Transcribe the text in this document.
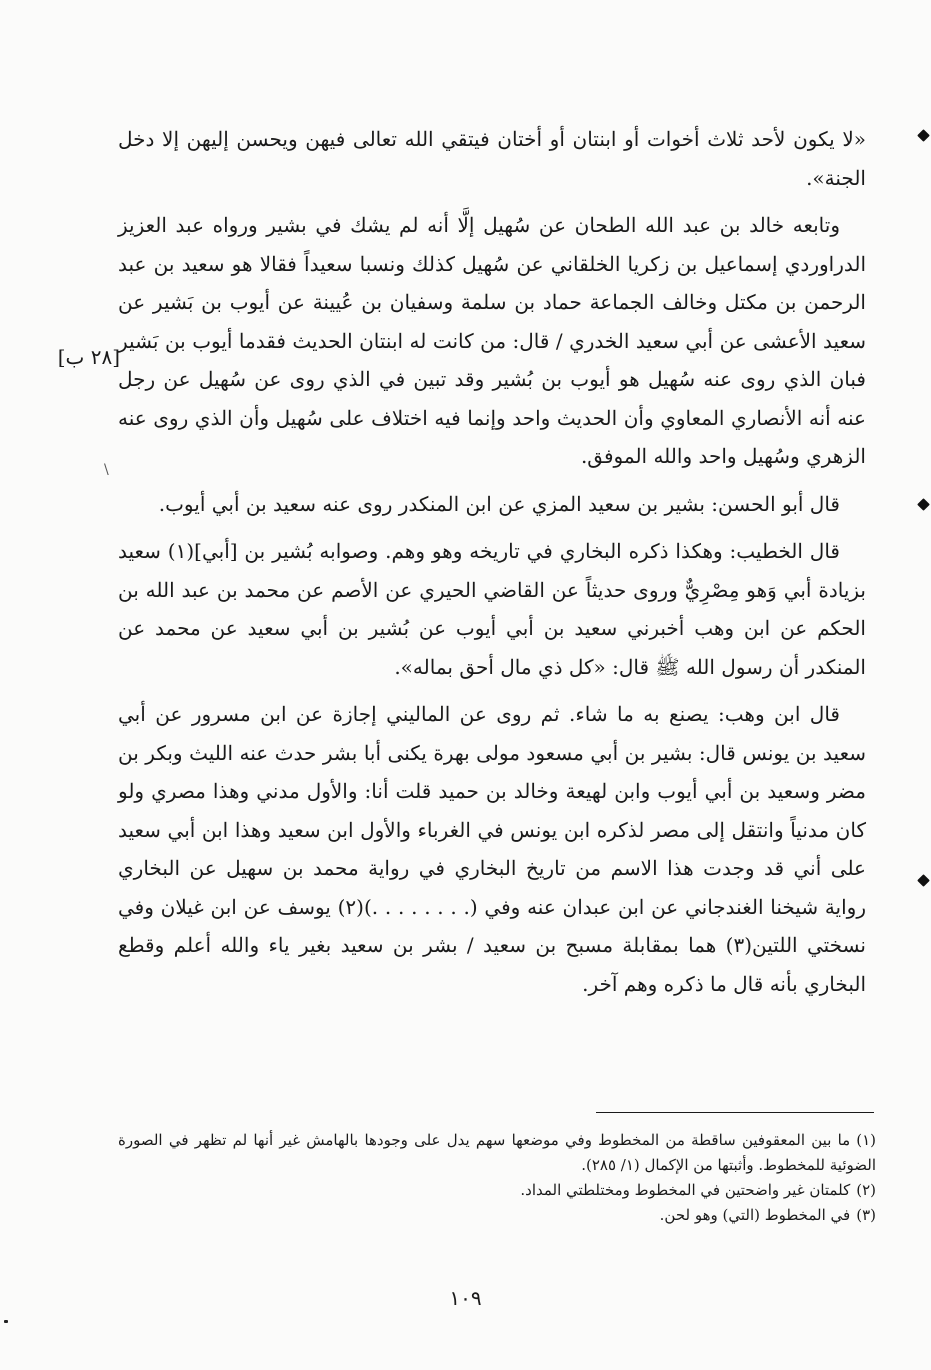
\
[٢٨ ب]

«لا يكون لأحد ثلاث أخوات أو ابنتان أو أختان فيتقي الله تعالى فيهن ويحسن إليهن إلا دخل الجنة».

وتابعه خالد بن عبد الله الطحان عن سُهيل إلَّا أنه لم يشك في بشير ورواه عبد العزيز الدراوردي إسماعيل بن زكريا الخلقاني عن سُهيل كذلك ونسبا سعيداً فقالا هو سعيد بن عبد الرحمن بن مكتل وخالف الجماعة حماد بن سلمة وسفيان بن عُيينة عن أيوب بن بَشير عن سعيد الأعشى عن أبي سعيد الخدري / قال: من كانت له ابنتان الحديث فقدما أيوب بن بَشير فبان الذي روى عنه سُهيل هو أيوب بن بُشير وقد تبين في الذي روى عن سُهيل عن رجل عنه أنه الأنصاري المعاوي وأن الحديث واحد وإنما فيه اختلاف على سُهيل وأن الذي روى عنه الزهري وسُهيل واحد والله الموفق.

قال أبو الحسن: بشير بن سعيد المزي عن ابن المنكدر روى عنه سعيد بن أبي أيوب.

قال الخطيب: وهكذا ذكره البخاري في تاريخه وهو وهم. وصوابه بُشير بن [أبي](١) سعيد بزيادة أبي وَهو مِصْرِيٌّ وروى حديثاً عن القاضي الحيري عن الأصم عن محمد بن عبد الله بن الحكم عن ابن وهب أخبرني سعيد بن أبي أيوب عن بُشير بن أبي سعيد عن محمد عن المنكدر أن رسول الله ﷺ قال: «كل ذي مال أحق بماله».

قال ابن وهب: يصنع به ما شاء. ثم روى عن الماليني إجازة عن ابن مسرور عن أبي سعيد بن يونس قال: بشير بن أبي مسعود مولى بهرة يكنى أبا بشر حدث عنه الليث وبكر بن مضر وسعيد بن أبي أيوب وابن لهيعة وخالد بن حميد قلت أنا: والأول مدني وهذا مصري ولو كان مدنياً وانتقل إلى مصر لذكره ابن يونس في الغرباء والأول ابن سعيد وهذا ابن أبي سعيد على أني قد وجدت هذا الاسم من تاريخ البخاري في رواية محمد بن سهيل عن البخاري رواية شيخنا الغندجاني عن ابن عبدان عنه وفي (. . . . . . . .)(٢) يوسف عن ابن غيلان وفي نسختي اللتين(٣) هما بمقابلة مسبح بن سعيد / بشر بن سعيد بغير ياء والله أعلم وقطع البخاري بأنه قال ما ذكره وهم آخر.

(١)ما بين المعقوفين ساقطة من المخطوط وفي موضعها سهم يدل على وجودها بالهامش غير أنها لم تظهر في الصورة الضوئية للمخطوط. وأثبتها من الإكمال (١/ ٢٨٥).

(٢)كلمتان غير واضحتين في المخطوط ومختلطتي المداد.

(٣)في المخطوط (التي) وهو لحن.

١٠٩
